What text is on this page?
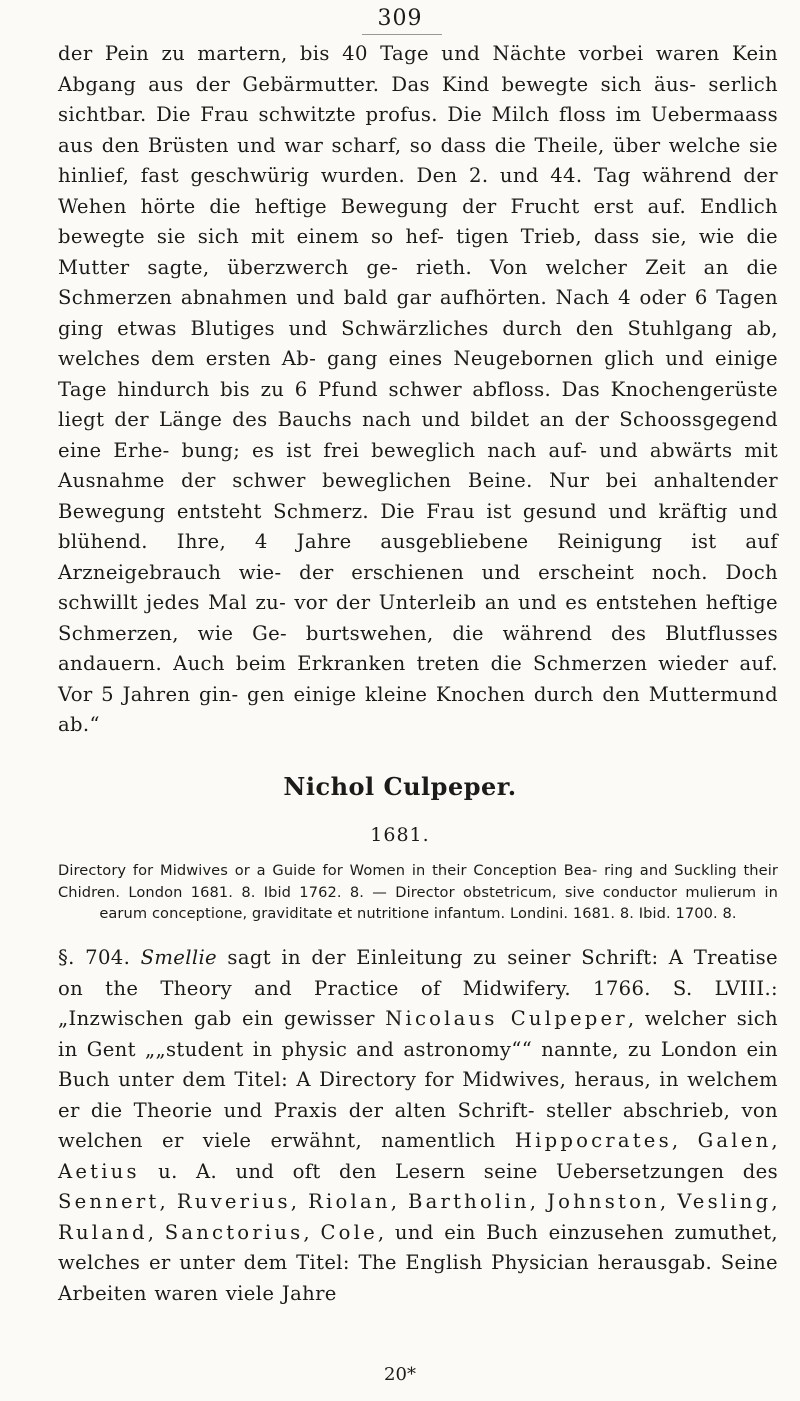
309

der Pein zu martern, bis 40 Tage und Nächte vorbei waren Kein Abgang aus der Gebärmutter. Das Kind bewegte sich äus- serlich sichtbar. Die Frau schwitzte profus. Die Milch floss im Uebermaass aus den Brüsten und war scharf, so dass die Theile, über welche sie hinlief, fast geschwürig wurden. Den 2. und 44. Tag während der Wehen hörte die heftige Bewegung der Frucht erst auf. Endlich bewegte sie sich mit einem so hef- tigen Trieb, dass sie, wie die Mutter sagte, überzwerch ge- rieth. Von welcher Zeit an die Schmerzen abnahmen und bald gar aufhörten. Nach 4 oder 6 Tagen ging etwas Blutiges und Schwärzliches durch den Stuhlgang ab, welches dem ersten Ab- gang eines Neugebornen glich und einige Tage hindurch bis zu 6 Pfund schwer abfloss. Das Knochengerüste liegt der Länge des Bauchs nach und bildet an der Schoossgegend eine Erhe- bung; es ist frei beweglich nach auf- und abwärts mit Ausnahme der schwer beweglichen Beine. Nur bei anhaltender Bewegung entsteht Schmerz. Die Frau ist gesund und kräftig und blühend. Ihre, 4 Jahre ausgebliebene Reinigung ist auf Arzneigebrauch wie- der erschienen und erscheint noch. Doch schwillt jedes Mal zu- vor der Unterleib an und es entstehen heftige Schmerzen, wie Ge- burtswehen, die während des Blutflusses andauern. Auch beim Erkranken treten die Schmerzen wieder auf. Vor 5 Jahren gin- gen einige kleine Knochen durch den Muttermund ab.“

Nichol Culpeper.
1681.

Directory for Midwives or a Guide for Women in their Conception Bea- ring and Suckling their Chidren. London 1681. 8. Ibid 1762. 8. — Director obstetricum, sive conductor mulierum in earum conceptione, graviditate et nutritione infantum. Londini. 1681. 8. Ibid. 1700. 8.

§. 704. Smellie sagt in der Einleitung zu seiner Schrift: A Treatise on the Theory and Practice of Midwifery. 1766. S. LVIII.: „Inzwischen gab ein gewisser Nicolaus Culpeper, welcher sich in Gent „„student in physic and astronomy““ nannte, zu London ein Buch unter dem Titel: A Directory for Midwives, heraus, in welchem er die Theorie und Praxis der alten Schrift- steller abschrieb, von welchen er viele erwähnt, namentlich Hippocrates, Galen, Aetius u. A. und oft den Lesern seine Uebersetzungen des Sennert, Ruverius, Riolan, Bartholin, Johnston, Vesling, Ruland, Sanctorius, Cole, und ein Buch einzusehen zumuthet, welches er unter dem Titel: The English Physician herausgab. Seine Arbeiten waren viele Jahre

20*
